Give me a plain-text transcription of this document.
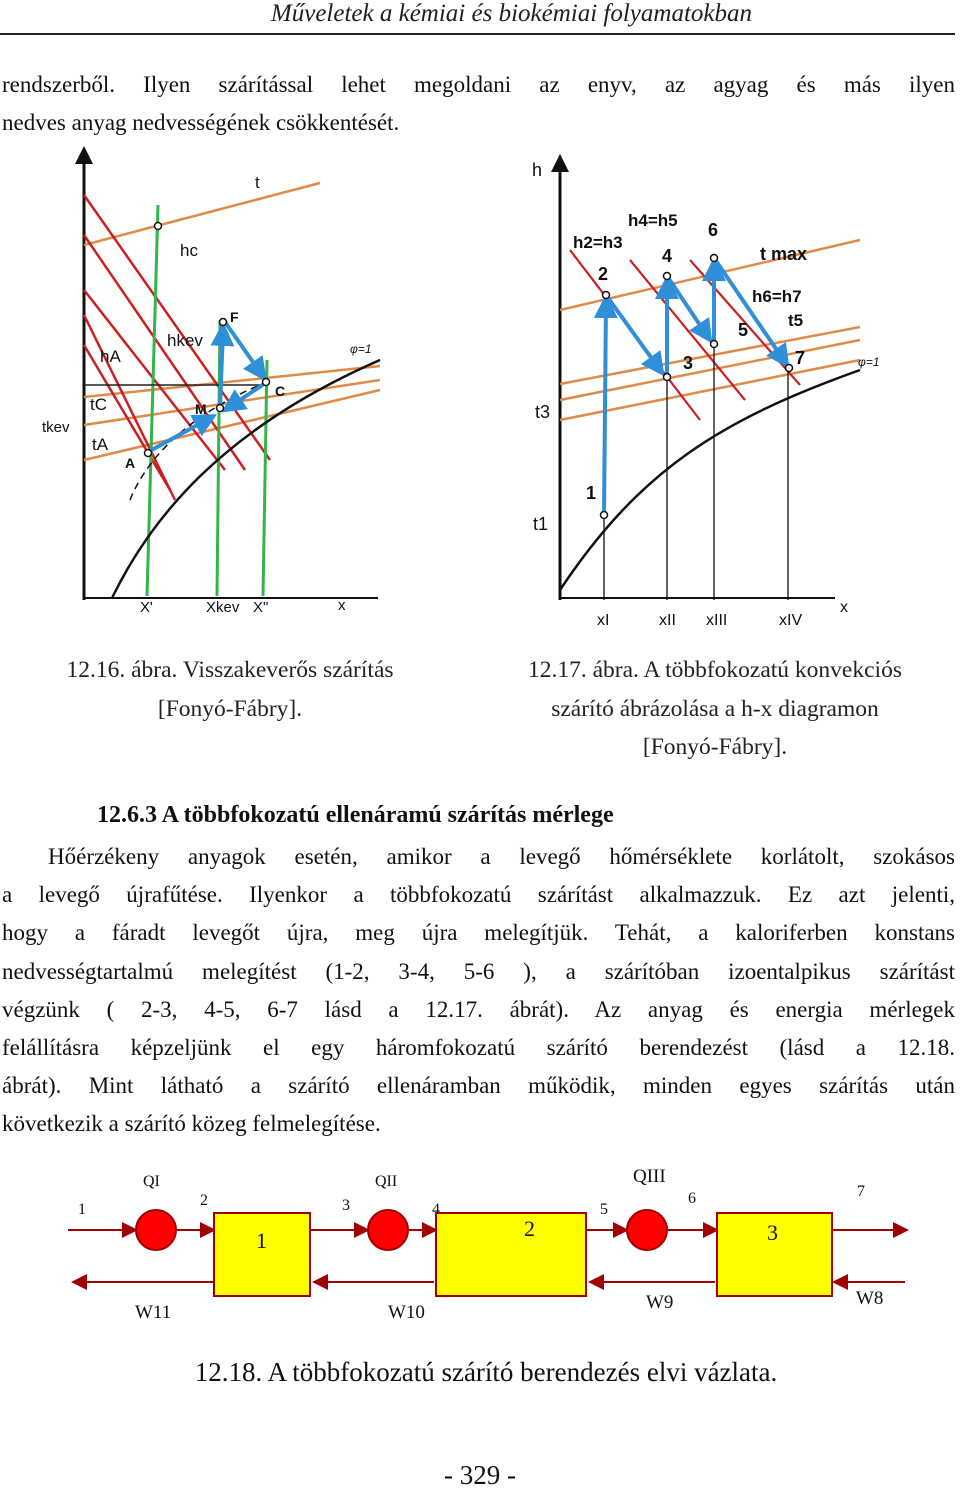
Műveletek a kémiai és biokémiai folyamatokban
rendszerből. Ilyen szárítással lehet megoldani az enyv, az agyag és más ilyen
nedves anyag nedvességének csökkentését.
t
hc
hkev
hA
tC
tkev
tA
F
M
C
A
φ=1
X'	Xkev X"	x
h
h2=h3
h4=h5
2
4
6
t max
h6=h7
t5
5
3	7	φ=1
t3
t1
1
xI	xII xIII	xIV
x
12.16. ábra. Visszakeverős szárítás
[Fonyó-Fábry].
12.17. ábra. A többfokozatú konvekciós
szárító ábrázolása a h-x diagramon
[Fonyó-Fábry].
12.6.3 A többfokozatú ellenáramú szárítás mérlege
Hőérzékeny anyagok esetén, amikor a levegő hőmérséklete korlátolt, szokásos
a levegő újrafűtése. Ilyenkor a többfokozatú szárítást alkalmazzuk. Ez azt jelenti,
hogy a fáradt levegőt újra, meg újra melegítjük. Tehát, a kaloriferben konstans
nedvességtartalmú melegítést (1-2, 3-4, 5-6 ), a szárítóban izoentalpikus szárítást
végzünk ( 2-3, 4-5, 6-7 lásd a 12.17. ábrát). Az anyag és energia mérlegek
felállításra képzeljünk el egy háromfokozatú szárító berendezést (lásd a 12.18.
ábrát). Mint látható a szárító ellenáramban működik, minden egyes szárítás után
következik a szárító közeg felmelegítése.
QI	QII	QIII
1
2	3	4	5
6	7
1	2	3
W11	W10	W9	W8
12.18. A többfokozatú szárító berendezés elvi vázlata.
- 329 -
